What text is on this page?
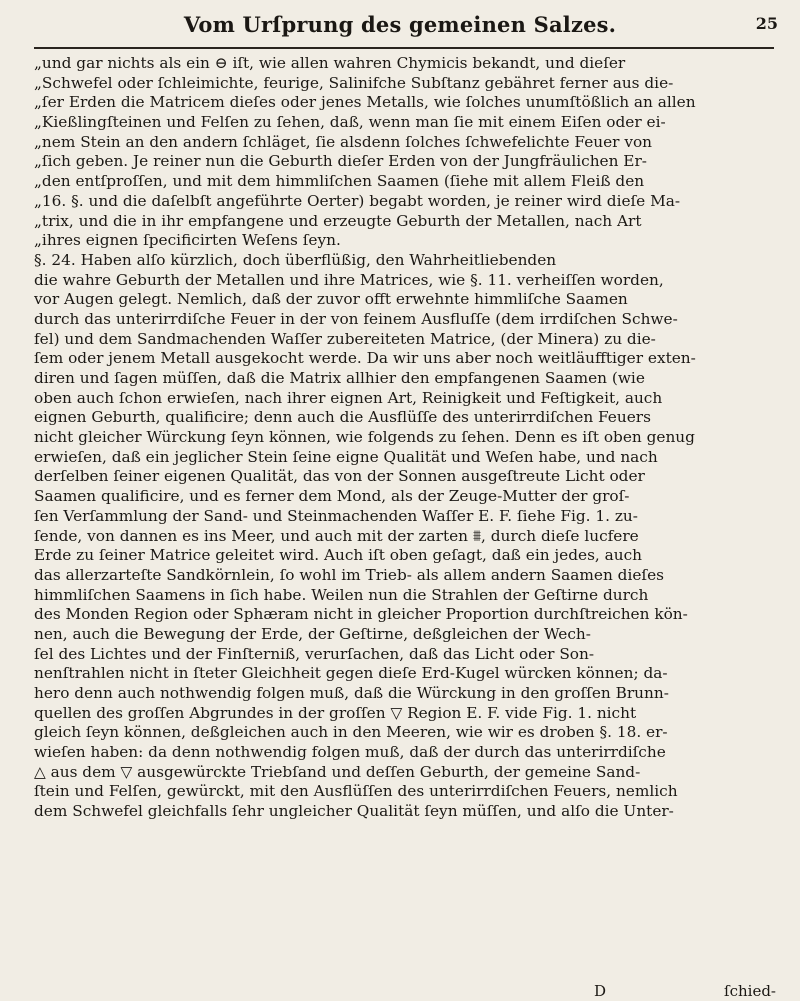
Vom Urſprung des gemeinen Salzes.	25
„und gar nichts als ein ⊖ iſt, wie allen wahren Chymicis bekandt, und dieſer
„Schwefel oder ſchleimichte, feurige, Salinifche Subſtanz gebähret ferner aus die-
„ſer Erden die Matricem dieſes oder jenes Metalls, wie ſolches unumſtößlich an allen
„Kießlingſteinen und Felſen zu ſehen, daß, wenn man ſie mit einem Eiſen oder ei-
„nem Stein an den andern ſchläget, ſie alsdenn ſolches ſchwefelichte Feuer von
„ſich geben. Je reiner nun die Geburth dieſer Erden von der Jungfräulichen Er-
„den entſproſſen, und mit dem himmliſchen Saamen (ſiehe mit allem Fleiß den
„16. §. und die daſelbſt angeführte Oerter) begabt worden, je reiner wird dieſe Ma-
„trix, und die in ihr empfangene und erzeugte Geburth der Metallen, nach Art
„ihres eignen ſpecificirten Weſens ſeyn.
§. 24. Haben alſo kürzlich, doch überflüßig, den Wahrheitliebenden
die wahre Geburth der Metallen und ihre Matrices, wie §. 11. verheiſſen worden,
vor Augen gelegt. Nemlich, daß der zuvor offt erwehnte himmliſche Saamen
durch das unterirrdiſche Feuer in der von feinem Ausfluſſe (dem irrdiſchen Schwe-
fel) und dem Sandmachenden Waſſer zubereiteten Matrice, (der Minera) zu die-
ſem oder jenem Metall ausgekocht werde. Da wir uns aber noch weitläufftiger exten-
diren und ſagen müſſen, daß die Matrix allhier den empfangenen Saamen (wie
oben auch ſchon erwieſen, nach ihrer eignen Art, Reinigkeit und Feſtigkeit, auch
eignen Geburth, qualificire; denn auch die Ausflüſſe des unterirrdiſchen Feuers
nicht gleicher Würckung ſeyn können, wie folgends zu ſehen. Denn es iſt oben genug
erwieſen, daß ein jeglicher Stein ſeine eigne Qualität und Weſen habe, und nach
derſelben ſeiner eigenen Qualität, das von der Sonnen ausgeſtreute Licht oder
Saamen qualificire, und es ferner dem Mond, als der Zeuge-Mutter der groſ-
ſen Verſammlung der Sand- und Steinmachenden Waſſer E. F. ſiehe Fig. 1. zu-
ſende, von dannen es ins Meer, und auch mit der zarten ⩩, durch dieſe lucfere
Erde zu ſeiner Matrice geleitet wird. Auch iſt oben geſagt, daß ein jedes, auch
das allerzarteſte Sandkörnlein, ſo wohl im Trieb- als allem andern Saamen dieſes
himmliſchen Saamens in ſich habe. Weilen nun die Strahlen der Geſtirne durch
des Monden Region oder Sphæram nicht in gleicher Proportion durchſtreichen kön-
nen, auch die Bewegung der Erde, der Geſtirne, deßgleichen der Wech-
ſel des Lichtes und der Finſterniß, verurſachen, daß das Licht oder Son-
nenſtrahlen nicht in ſteter Gleichheit gegen dieſe Erd-Kugel würcken können; da-
hero denn auch nothwendig folgen muß, daß die Würckung in den groſſen Brunn-
quellen des groſſen Abgrundes in der groſſen ▽ Region E. F. vide Fig. 1. nicht
gleich ſeyn können, deßgleichen auch in den Meeren, wie wir es droben §. 18. er-
wieſen haben: da denn nothwendig folgen muß, daß der durch das unterirrdiſche
△ aus dem ▽ ausgewürckte Triebſand und deſſen Geburth, der gemeine Sand-
ſtein und Felſen, gewürckt, mit den Ausflüſſen des unterirrdiſchen Feuers, nemlich
dem Schwefel gleichfalls ſehr ungleicher Qualität ſeyn müſſen, und alſo die Unter-
D	ſchied-
